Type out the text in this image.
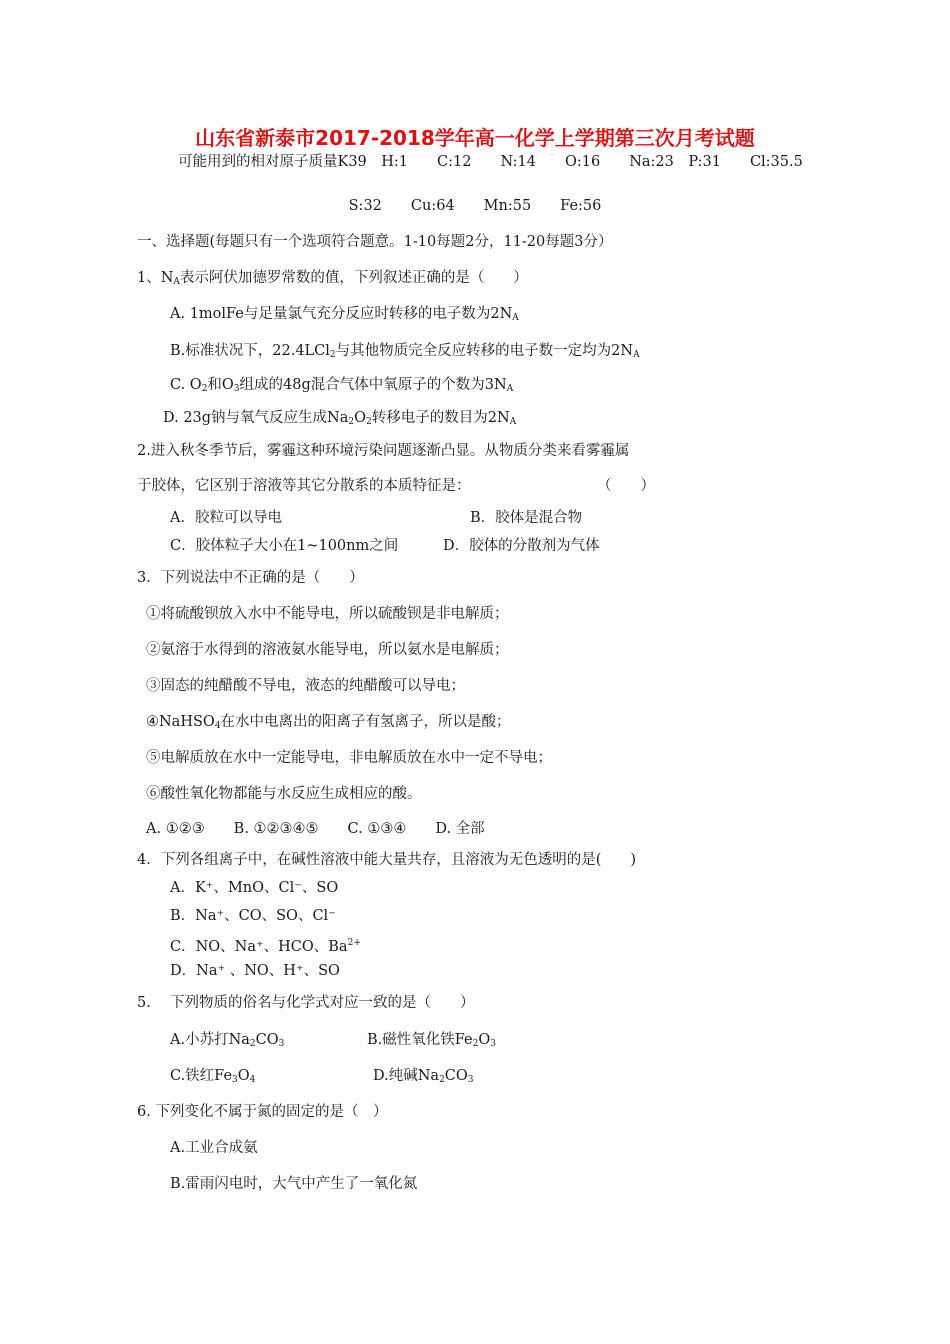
山东省新泰市2017-2018学年高一化学上学期第三次月考试题
可能用到的相对原子质量K39　H:1　　C:12　　N:14　　O:16　　Na:23　P:31　　Cl:35.5
S:32　　Cu:64　　Mn:55　　Fe:56
一、选择题(每题只有一个选项符合题意。1-10每题2分，11-20每题3分）
1、$N_A$表示阿伏加德罗常数的值，下列叙述正确的是（　　）
A. 1molFe与足量氯气充分反应时转移的电子数为$2N_A$
B.标准状况下，22.4LCl$_2$与其他物质完全反应转移的电子数一定均为$2N_A$
C. $O_2$和$O_3$组成的48g混合气体中氧原子的个数为$3N_A$
D. 23g钠与氧气反应生成$Na_2O_2$转移电子的数目为$2N_A$
2.进入秋冬季节后，雾霾这种环境污染问题逐渐凸显。从物质分类来看雾霾属
于胶体，它区别于溶液等其它分散系的本质特征是：	（　　）
A．胶粒可以导电	B．胶体是混合物
C．胶体粒子大小在1~100nm之间	D．胶体的分散剂为气体
3．下列说法中不正确的是（　　）
①将硫酸钡放入水中不能导电，所以硫酸钡是非电解质；
②氨溶于水得到的溶液氨水能导电，所以氨水是电解质；
③固态的纯醋酸不导电，液态的纯醋酸可以导电；
④NaHSO$_4$在水中电离出的阳离子有氢离子，所以是酸；
⑤电解质放在水中一定能导电，非电解质放在水中一定不导电；
⑥酸性氧化物都能与水反应生成相应的酸。
A. ①②③　　B. ①②③④⑤　　C. ①③④　　D. 全部
4．下列各组离子中，在碱性溶液中能大量共存，且溶液为无色透明的是(　　)
A．K⁺、MnO、Cl⁻、SO
B．Na⁺、CO、SO、Cl⁻
C．NO、Na⁺、HCO、$Ba^{2+}$
D．Na⁺ 、NO、H⁺、SO
5.　 下列物质的俗名与化学式对应一致的是（　　）
A.小苏打$Na_2CO_3$	B.磁性氧化铁$Fe_2O_3$
C.铁红$Fe_3O_4$	D.纯碱$Na_2CO_3$
6. 下列变化不属于氮的固定的是（　）
A.工业合成氨
B.雷雨闪电时，大气中产生了一氧化氮
